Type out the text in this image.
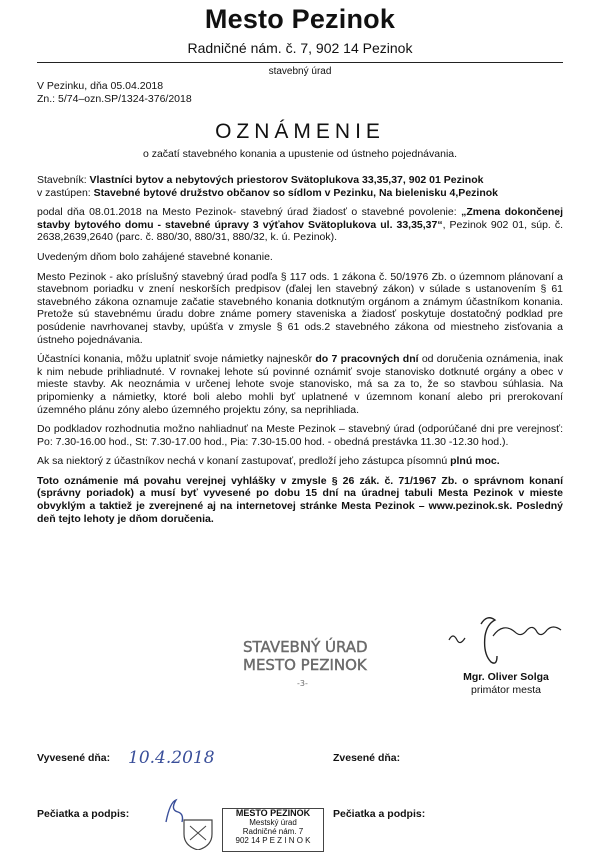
Mesto Pezinok
Radničné nám. č. 7, 902 14 Pezinok
stavebný úrad
V Pezinku, dňa 05.04.2018
Zn.: 5/74–ozn.SP/1324-376/2018
OZNÁMENIE
o začatí stavebného konania a upustenie od ústneho pojednávania.

Stavebník: Vlastníci bytov a nebytových priestorov Svätoplukova 33,35,37, 902 01 Pezinok

v zastúpen: Stavebné bytové družstvo občanov so sídlom v Pezinku, Na bielenisku 4,Pezinok

podal dňa 08.01.2018 na Mesto Pezinok- stavebný úrad žiadosť o stavebné povolenie: „Zmena dokončenej stavby bytového domu - stavebné úpravy 3 výťahov Svätoplukova ul. 33,35,37“, Pezinok 902 01, súp. č. 2638,2639,2640 (parc. č. 880/30, 880/31, 880/32, k. ú. Pezinok).

Uvedeným dňom bolo zahájené stavebné konanie.

Mesto Pezinok - ako príslušný stavebný úrad podľa § 117 ods. 1 zákona č. 50/1976 Zb. o územnom plánovaní a stavebnom poriadku v znení neskorších predpisov (ďalej len stavebný zákon) v súlade s ustanovením § 61 stavebného zákona oznamuje začatie stavebného konania dotknutým orgánom a známym účastníkom konania. Pretože sú stavebnému úradu dobre známe pomery staveniska a žiadosť poskytuje dostatočný podklad pre posúdenie navrhovanej stavby, upúšťa v zmysle § 61 ods.2 stavebného zákona od miestneho zisťovania a ústneho pojednávania.

Účastníci konania, môžu uplatniť svoje námietky najneskôr do 7 pracovných dní od doručenia oznámenia, inak k nim nebude prihliadnuté. V rovnakej lehote sú povinné oznámiť svoje stanovisko dotknuté orgány a obec v mieste stavby. Ak neoznámia v určenej lehote svoje stanovisko, má sa za to, že so stavbou súhlasia. Na pripomienky a námietky, ktoré boli alebo mohli byť uplatnené v územnom konaní alebo pri prerokovaní územného plánu zóny alebo územného projektu zóny, sa neprihliada.

Do podkladov rozhodnutia možno nahliadnuť na Meste Pezinok – stavebný úrad (odporúčané dni pre verejnosť: Po: 7.30-16.00 hod., St: 7.30-17.00 hod., Pia: 7.30-15.00 hod. - obedná prestávka 11.30 -12.30 hod.).

Ak sa niektorý z účastníkov nechá v konaní zastupovať, predloží jeho zástupca písomnú plnú moc.

Toto oznámenie má povahu verejnej vyhlášky v zmysle § 26 zák. č. 71/1967 Zb. o správnom konaní (správny poriadok) a musí byť vyvesené po dobu 15 dní na úradnej tabuli Mesta Pezinok v mieste obvyklým a taktiež je zverejnené aj na internetovej stránke Mesta Pezinok – www.pezinok.sk. Posledný deň tejto lehoty je dňom doručenia.

STAVEBNÝ ÚRAD
MESTO PEZINOK
-3-
Mgr. Oliver Solga
primátor mesta
Vyvesené dňa: 10.4.2018	Zvesené dňa:
Pečiatka a podpis:	Pečiatka a podpis:
MESTO PEZINOK
Mestský úrad
Radničné nám. 7
902 14 P E Z I N O K
